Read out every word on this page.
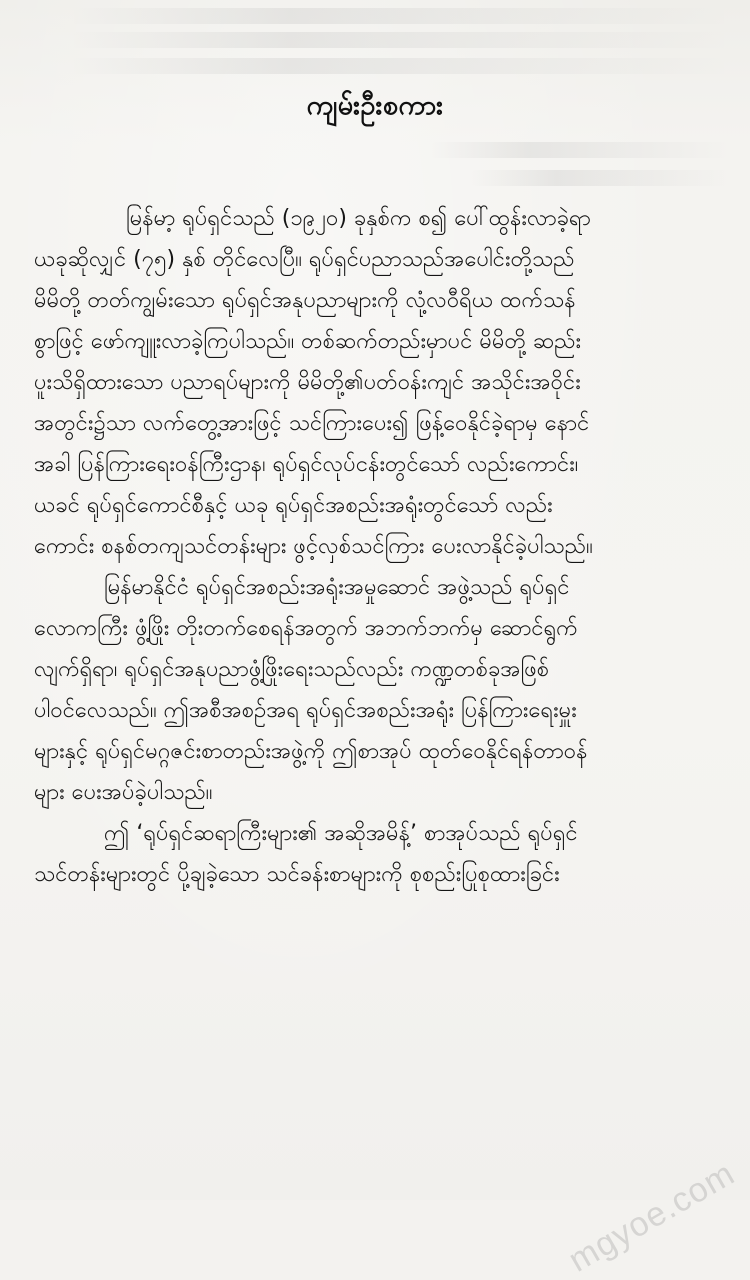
ကျမ်းဦးစကား
မြန်မာ့ ရုပ်ရှင်သည် (၁၉၂၀) ခုနှစ်က စ၍ ပေါ်ထွန်းလာခဲ့ရာ
ယခုဆိုလျှင် (၇၅) နှစ် တိုင်လေပြီ။ ရုပ်ရှင်ပညာသည်အပေါင်းတို့သည်
မိမိတို့ တတ်ကျွမ်းသော ရုပ်ရှင်အနုပညာများကို လုံ့လဝီရိယ ထက်သန်
စွာဖြင့် ဖော်ကျူးလာခဲ့ကြပါသည်။ တစ်ဆက်တည်းမှာပင် မိမိတို့ ဆည်း
ပူးသိရှိထားသော ပညာရပ်များကို မိမိတို့၏ပတ်ဝန်းကျင် အသိုင်းအဝိုင်း
အတွင်း၌သာ လက်တွေ့အားဖြင့် သင်ကြားပေး၍ ဖြန့်ဝေနိုင်ခဲ့ရာမှ နောင်
အခါ ပြန်ကြားရေးဝန်ကြီးဌာန၊ ရုပ်ရှင်လုပ်ငန်းတွင်သော် လည်းကောင်း၊
ယခင် ရုပ်ရှင်ကောင်စီနှင့် ယခု ရုပ်ရှင်အစည်းအရုံးတွင်သော် လည်း
ကောင်း စနစ်တကျသင်တန်းများ ဖွင့်လှစ်သင်ကြား ပေးလာနိုင်ခဲ့ပါသည်။
မြန်မာနိုင်ငံ ရုပ်ရှင်အစည်းအရုံးအမှုဆောင် အဖွဲ့သည် ရုပ်ရှင်
လောကကြီး ဖွံ့ဖြိုး တိုးတက်စေရန်အတွက် အဘက်ဘက်မှ ဆောင်ရွက်
လျက်ရှိရာ၊ ရုပ်ရှင်အနုပညာဖွံ့ဖြိုးရေးသည်လည်း ကဏ္ဍတစ်ခုအဖြစ်
ပါဝင်လေသည်။ ဤအစီအစဉ်အရ ရုပ်ရှင်အစည်းအရုံး ပြန်ကြားရေးမှူး
များနှင့် ရုပ်ရှင်မဂ္ဂဇင်းစာတည်းအဖွဲ့ကို ဤစာအုပ် ထုတ်ဝေနိုင်ရန်တာဝန်
များ ပေးအပ်ခဲ့ပါသည်။
ဤ ‘ရုပ်ရှင်ဆရာကြီးများ၏ အဆိုအမိန့်’ စာအုပ်သည် ရုပ်ရှင်
သင်တန်းများတွင် ပို့ချခဲ့သော သင်ခန်းစာများကို စုစည်းပြုစုထားခြင်း
mgyoe.com
